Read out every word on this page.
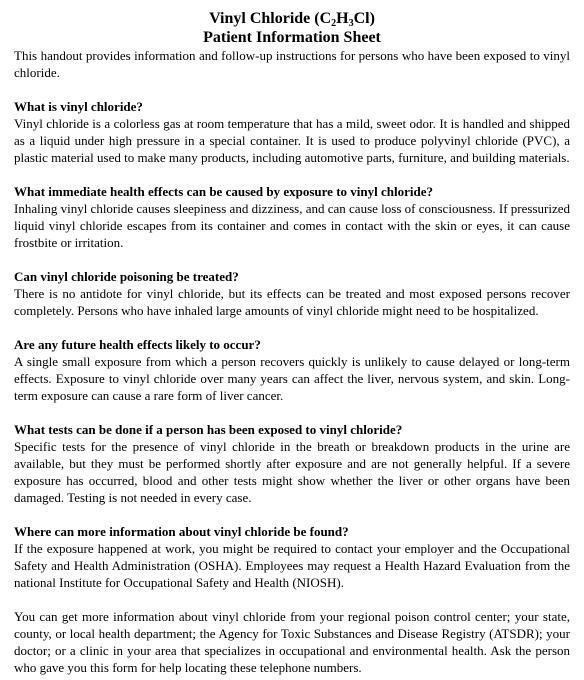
Vinyl Chloride $(C_2H_3Cl)$
Patient Information Sheet

This handout provides information and follow-up instructions for persons who have been exposed to vinyl chloride.

What is vinyl chloride?
Vinyl chloride is a colorless gas at room temperature that has a mild, sweet odor. It is handled and shipped as a liquid under high pressure in a special container. It is used to produce polyvinyl chloride (PVC), a plastic material used to make many products, including automotive parts, furniture, and building materials.
What immediate health effects can be caused by exposure to vinyl chloride?
Inhaling vinyl chloride causes sleepiness and dizziness, and can cause loss of consciousness. If pressurized liquid vinyl chloride escapes from its container and comes in contact with the skin or eyes, it can cause frostbite or irritation.
Can vinyl chloride poisoning be treated?
There is no antidote for vinyl chloride, but its effects can be treated and most exposed persons recover completely. Persons who have inhaled large amounts of vinyl chloride might need to be hospitalized.
Are any future health effects likely to occur?
A single small exposure from which a person recovers quickly is unlikely to cause delayed or long-term effects. Exposure to vinyl chloride over many years can affect the liver, nervous system, and skin. Long-term exposure can cause a rare form of liver cancer.
What tests can be done if a person has been exposed to vinyl chloride?
Specific tests for the presence of vinyl chloride in the breath or breakdown products in the urine are available, but they must be performed shortly after exposure and are not generally helpful. If a severe exposure has occurred, blood and other tests might show whether the liver or other organs have been damaged. Testing is not needed in every case.
Where can more information about vinyl chloride be found?
If the exposure happened at work, you might be required to contact your employer and the Occupational Safety and Health Administration (OSHA). Employees may request a Health Hazard Evaluation from the national Institute for Occupational Safety and Health (NIOSH).

You can get more information about vinyl chloride from your regional poison control center; your state, county, or local health department; the Agency for Toxic Substances and Disease Registry (ATSDR); your doctor; or a clinic in your area that specializes in occupational and environmental health. Ask the person who gave you this form for help locating these telephone numbers.
